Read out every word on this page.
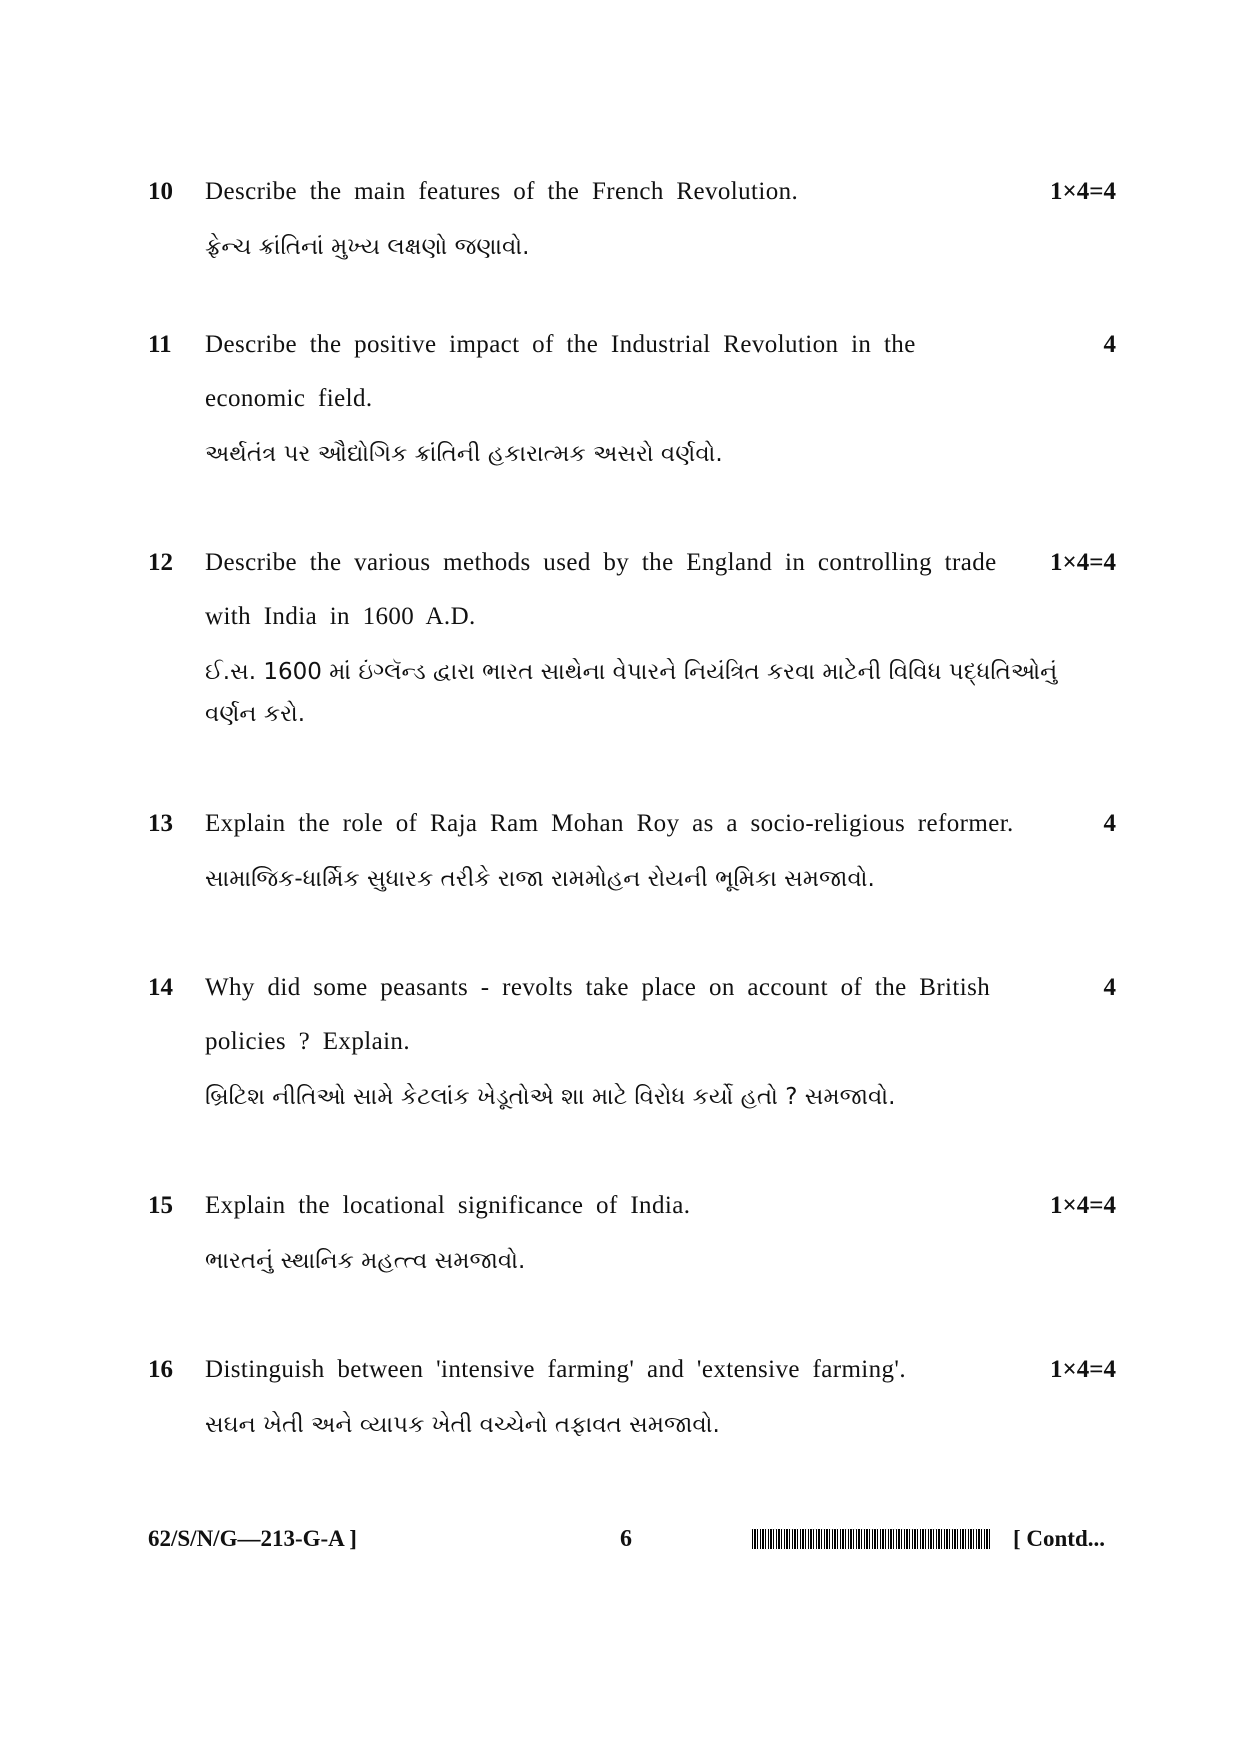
10 Describe the main features of the French Revolution.
ફ્રેન્ચ ક્રાંતિનાં મુખ્ય લક્ષણો જણાવો.
1×4=4
11 Describe the positive impact of the Industrial Revolution in the
economic field.
અર્થતંત્ર પર ઔદ્યોગિક ક્રાંતિની હકારાત્મક અસરો વર્ણવો.
4
12 Describe the various methods used by the England in controlling trade
with India in 1600 A.D.
ઈ.સ. 1600 માં ઇંગ્લૅન્ડ દ્વારા ભારત સાથેના વેપારને નિયંત્રિત કરવા માટેની વિવિધ પદ્ધતિઓનું
વર્ણન કરો.
1×4=4
13 Explain the role of Raja Ram Mohan Roy as a socio-religious reformer.
સામાજિક-ધાર્મિક સુધારક તરીકે રાજા રામમોહન રોયની ભૂમિકા સમજાવો.
4
14 Why did some peasants - revolts take place on account of the British
policies ? Explain.
બ્રિટિશ નીતિઓ સામે કેટલાંક ખેડૂતોએ શા માટે વિરોધ કર્યો હતો ? સમજાવો.
4
15 Explain the locational significance of India.
ભારતનું સ્થાનિક મહત્ત્વ સમજાવો.
1×4=4
16 Distinguish between 'intensive farming' and 'extensive farming'.
સઘન ખેતી અને વ્યાપક ખેતી વચ્ચેનો તફાવત સમજાવો.
1×4=4
62/S/N/G—213-G-A ]	6	[ Contd...
